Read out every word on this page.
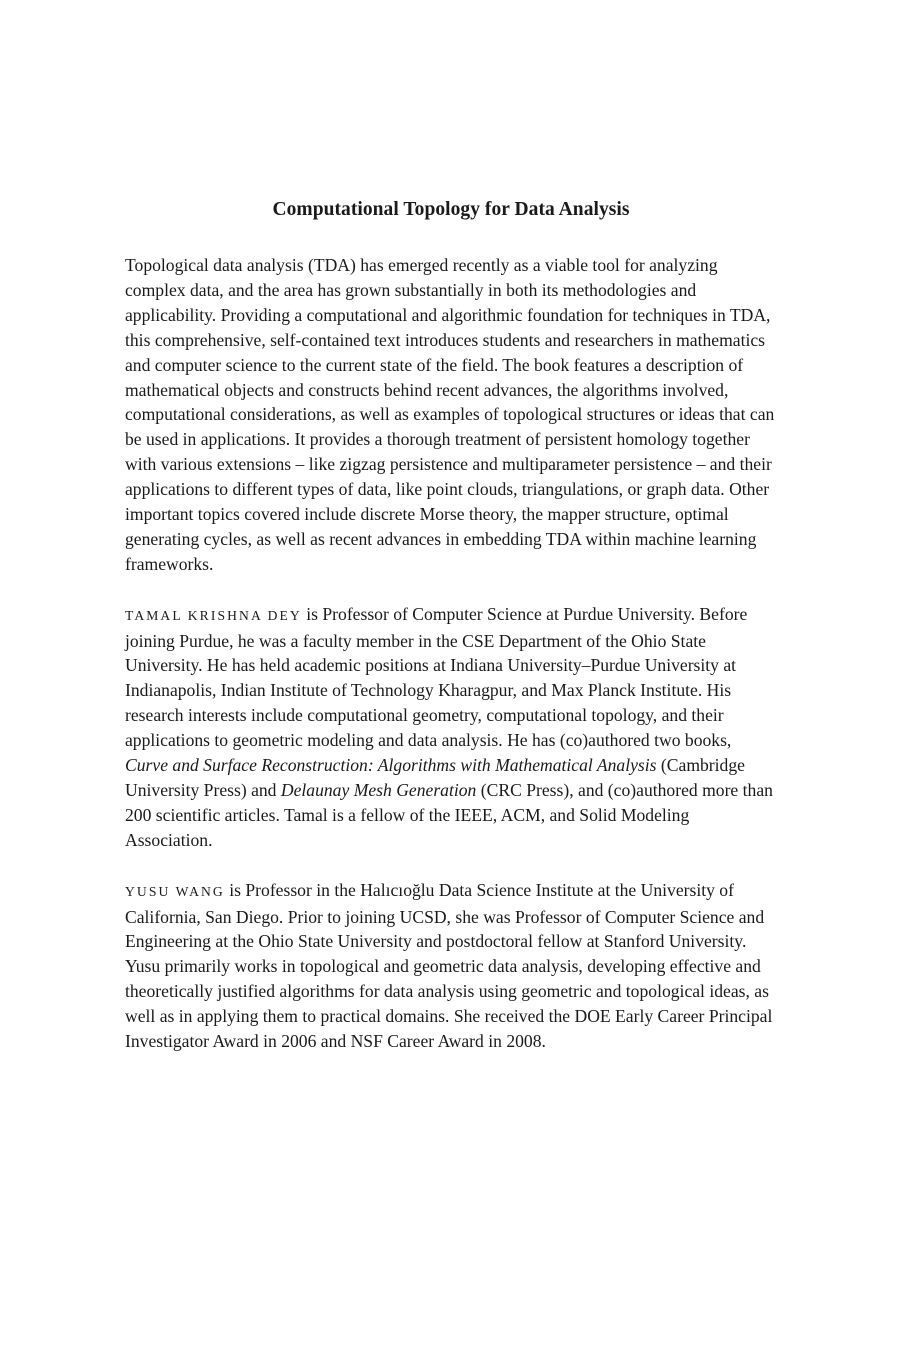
Computational Topology for Data Analysis

Topological data analysis (TDA) has emerged recently as a viable tool for analyzing complex data, and the area has grown substantially in both its methodologies and applicability. Providing a computational and algorithmic foundation for techniques in TDA, this comprehensive, self-contained text introduces students and researchers in mathematics and computer science to the current state of the field. The book features a description of mathematical objects and constructs behind recent advances, the algorithms involved, computational considerations, as well as examples of topological structures or ideas that can be used in applications. It provides a thorough treatment of persistent homology together with various extensions – like zigzag persistence and multiparameter persistence – and their applications to different types of data, like point clouds, triangulations, or graph data. Other important topics covered include discrete Morse theory, the mapper structure, optimal generating cycles, as well as recent advances in embedding TDA within machine learning frameworks.

TAMAL KRISHNA DEY is Professor of Computer Science at Purdue University. Before joining Purdue, he was a faculty member in the CSE Department of the Ohio State University. He has held academic positions at Indiana University–Purdue University at Indianapolis, Indian Institute of Technology Kharagpur, and Max Planck Institute. His research interests include computational geometry, computational topology, and their applications to geometric modeling and data analysis. He has (co)authored two books, Curve and Surface Reconstruction: Algorithms with Mathematical Analysis (Cambridge University Press) and Delaunay Mesh Generation (CRC Press), and (co)authored more than 200 scientific articles. Tamal is a fellow of the IEEE, ACM, and Solid Modeling Association.

YUSU WANG is Professor in the Halıcıoğlu Data Science Institute at the University of California, San Diego. Prior to joining UCSD, she was Professor of Computer Science and Engineering at the Ohio State University and postdoctoral fellow at Stanford University. Yusu primarily works in topological and geometric data analysis, developing effective and theoretically justified algorithms for data analysis using geometric and topological ideas, as well as in applying them to practical domains. She received the DOE Early Career Principal Investigator Award in 2006 and NSF Career Award in 2008.
